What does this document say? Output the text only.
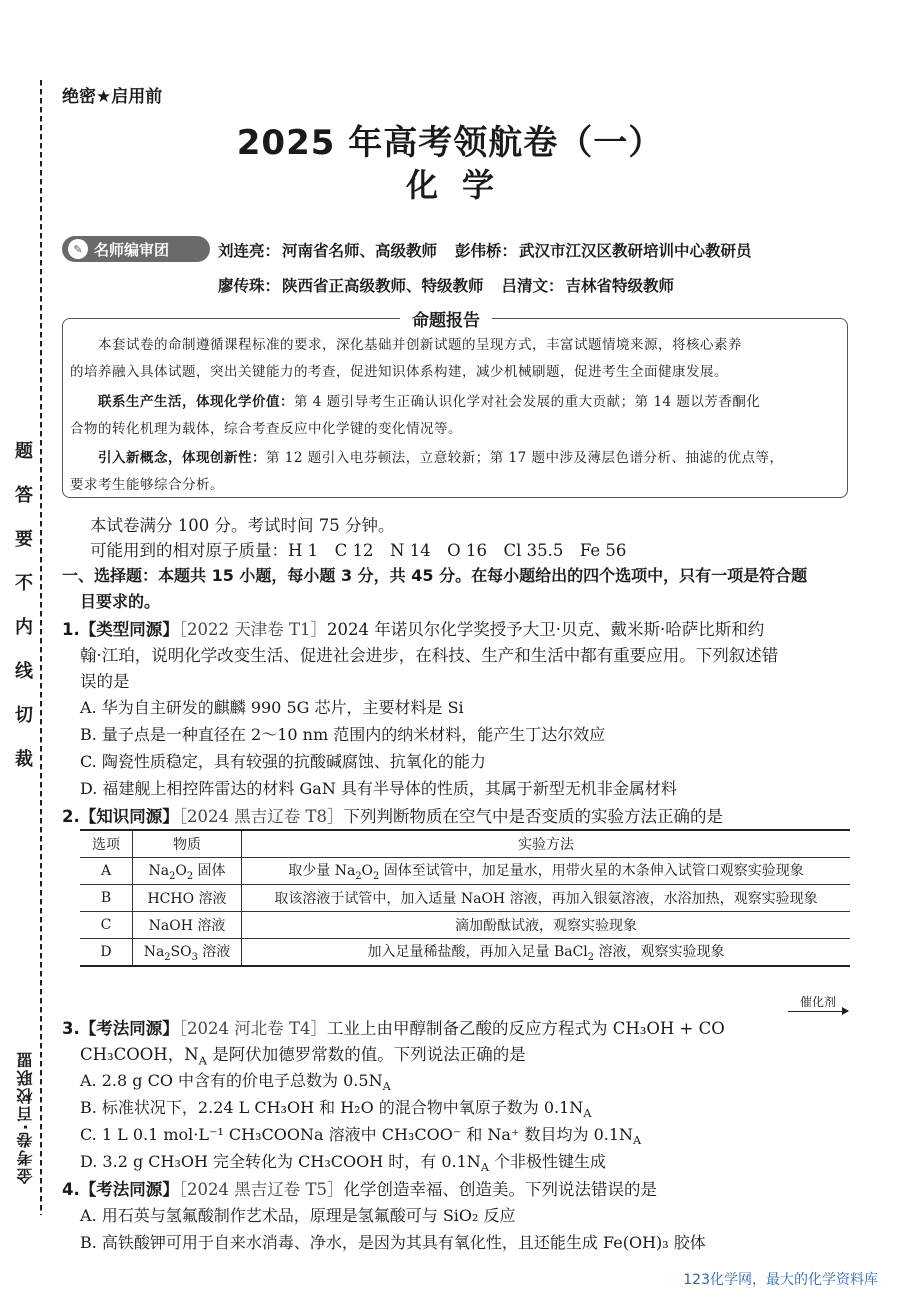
题
答
要
不
内
线
切
裁
金考卷·百校联盟
绝密★启用前
2025 年高考领航卷（一）
化学
✎ 名师编审团	刘连亮： 河南省名师、高级教师 彭伟桥： 武汉市江汉区教研培训中心教研员
廖传珠： 陕西省正高级教师、特级教师 吕清文： 吉林省特级教师
命题报告
本套试卷的命制遵循课程标准的要求，深化基础并创新试题的呈现方式，丰富试题情境来源，将核心素养
的培养融入具体试题，突出关键能力的考查，促进知识体系构建，减少机械刷题，促进考生全面健康发展。
联系生产生活，体现化学价值：第 4 题引导考生正确认识化学对社会发展的重大贡献；第 14 题以芳香酮化
合物的转化机理为载体，综合考查反应中化学键的变化情况等。
引入新概念，体现创新性：第 12 题引入电芬顿法，立意较新；第 17 题中涉及薄层色谱分析、抽滤的优点等，
要求考生能够综合分析。
本试卷满分 100 分。考试时间 75 分钟。
可能用到的相对原子质量：H 1　C 12　N 14　O 16　Cl 35.5　Fe 56
一、选择题：本题共 15 小题，每小题 3 分，共 45 分。在每小题给出的四个选项中，只有一项是符合题
目要求的。
1.【类型同源】［2022 天津卷 T1］2024 年诺贝尔化学奖授予大卫·贝克、戴米斯·哈萨比斯和约
翰·江珀，说明化学改变生活、促进社会进步，在科技、生产和生活中都有重要应用。下列叙述错
误的是
A. 华为自主研发的麒麟 990 5G 芯片，主要材料是 Si
B. 量子点是一种直径在 2～10 nm 范围内的纳米材料，能产生丁达尔效应
C. 陶瓷性质稳定，具有较强的抗酸碱腐蚀、抗氧化的能力
D. 福建舰上相控阵雷达的材料 GaN 具有半导体的性质，其属于新型无机非金属材料
2.【知识同源】［2024 黑吉辽卷 T8］下列判断物质在空气中是否变质的实验方法正确的是
选项	物质	实验方法
A	$Na_2O_2$ 固体	取少量 $Na_2O_2$ 固体至试管中，加足量水，用带火星的木条伸入试管口观察实验现象
B	HCHO 溶液	取该溶液于试管中，加入适量 NaOH 溶液，再加入银氨溶液，水浴加热，观察实验现象
C	NaOH 溶液	滴加酚酞试液，观察实验现象
D	$Na_2SO_3$ 溶液	加入足量稀盐酸，再加入足量 BaCl$_2$ 溶液，观察实验现象
3.【考法同源】［2024 河北卷 T4］工业上由甲醇制备乙酸的反应方程式为 CH₃OH + CO
催化剂
CH₃COOH，$N_A$ 是阿伏加德罗常数的值。下列说法正确的是
A. 2.8 g CO 中含有的价电子总数为 $0.5N_A$
B. 标准状况下，2.24 L CH₃OH 和 H₂O 的混合物中氧原子数为 $0.1N_A$
C. 1 L 0.1 mol·L⁻¹ CH₃COONa 溶液中 CH₃COO⁻ 和 Na⁺ 数目均为 $0.1N_A$
D. 3.2 g CH₃OH 完全转化为 CH₃COOH 时，有 $0.1N_A$ 个非极性键生成
4.【考法同源】［2024 黑吉辽卷 T5］化学创造幸福、创造美。下列说法错误的是
A. 用石英与氢氟酸制作艺术品，原理是氢氟酸可与 SiO₂ 反应
B. 高铁酸钾可用于自来水消毒、净水，是因为其具有氧化性，且还能生成 Fe(OH)₃ 胶体
123化学网，最大的化学资料库
